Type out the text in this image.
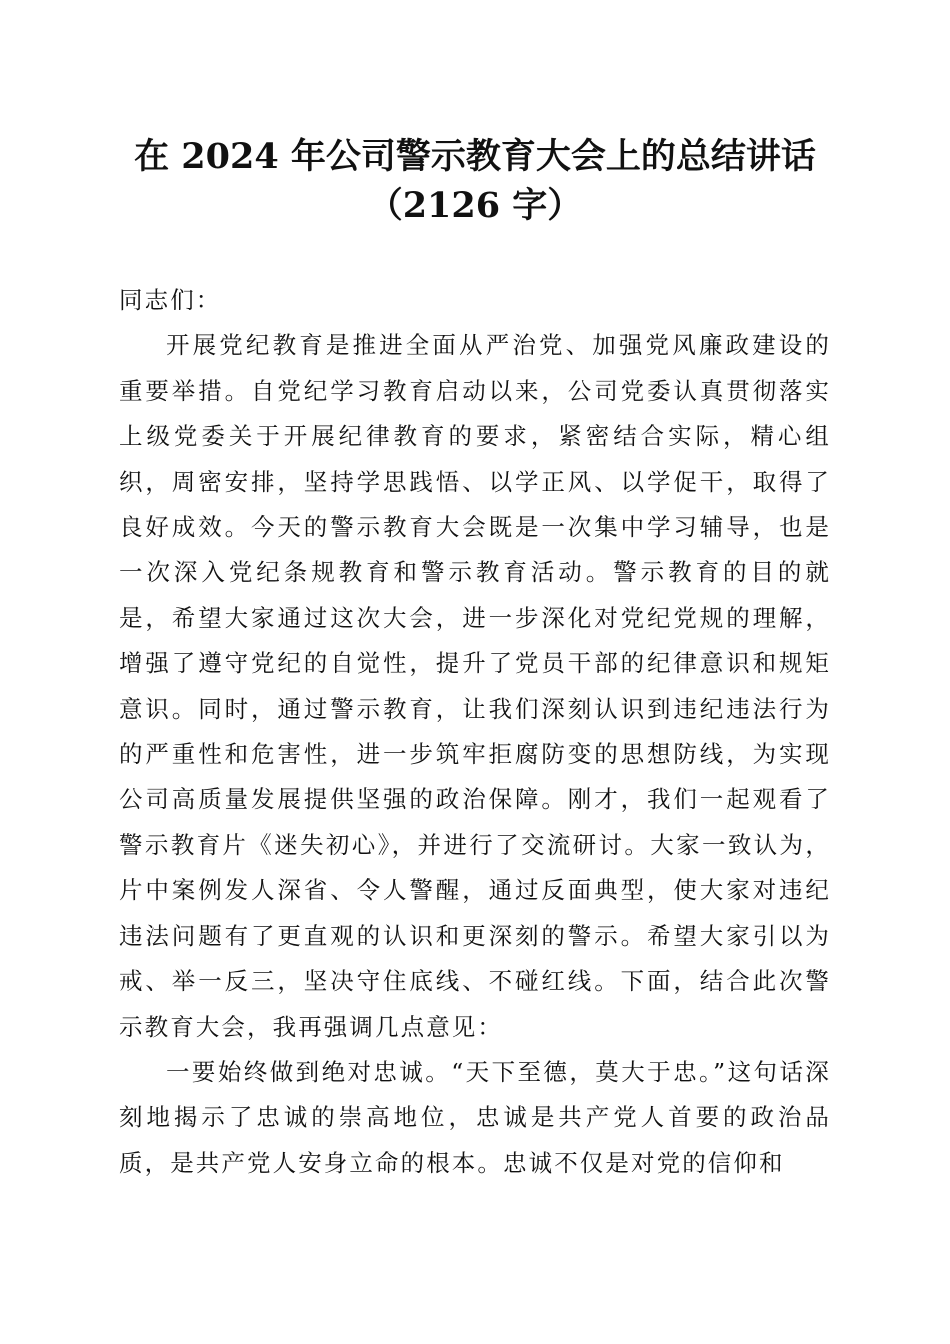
在 2024 年公司警示教育大会上的总结讲话
（2126 字）

同志们：

开展党纪教育是推进全面从严治党、加强党风廉政建设的重要举措。自党纪学习教育启动以来，公司党委认真贯彻落实上级党委关于开展纪律教育的要求，紧密结合实际，精心组织，周密安排，坚持学思践悟、以学正风、以学促干，取得了良好成效。今天的警示教育大会既是一次集中学习辅导，也是一次深入党纪条规教育和警示教育活动。警示教育的目的就是，希望大家通过这次大会，进一步深化对党纪党规的理解，增强了遵守党纪的自觉性，提升了党员干部的纪律意识和规矩意识。同时，通过警示教育，让我们深刻认识到违纪违法行为的严重性和危害性，进一步筑牢拒腐防变的思想防线，为实现公司高质量发展提供坚强的政治保障。刚才，我们一起观看了警示教育片《迷失初心》，并进行了交流研讨。大家一致认为，片中案例发人深省、令人警醒，通过反面典型，使大家对违纪违法问题有了更直观的认识和更深刻的警示。希望大家引以为戒、举一反三，坚决守住底线、不碰红线。下面，结合此次警示教育大会，我再强调几点意见：

一要始终做到绝对忠诚。“天下至德，莫大于忠。”这句话深刻地揭示了忠诚的崇高地位，忠诚是共产党人首要的政治品质，是共产党人安身立命的根本。忠诚不仅是对党的信仰和
